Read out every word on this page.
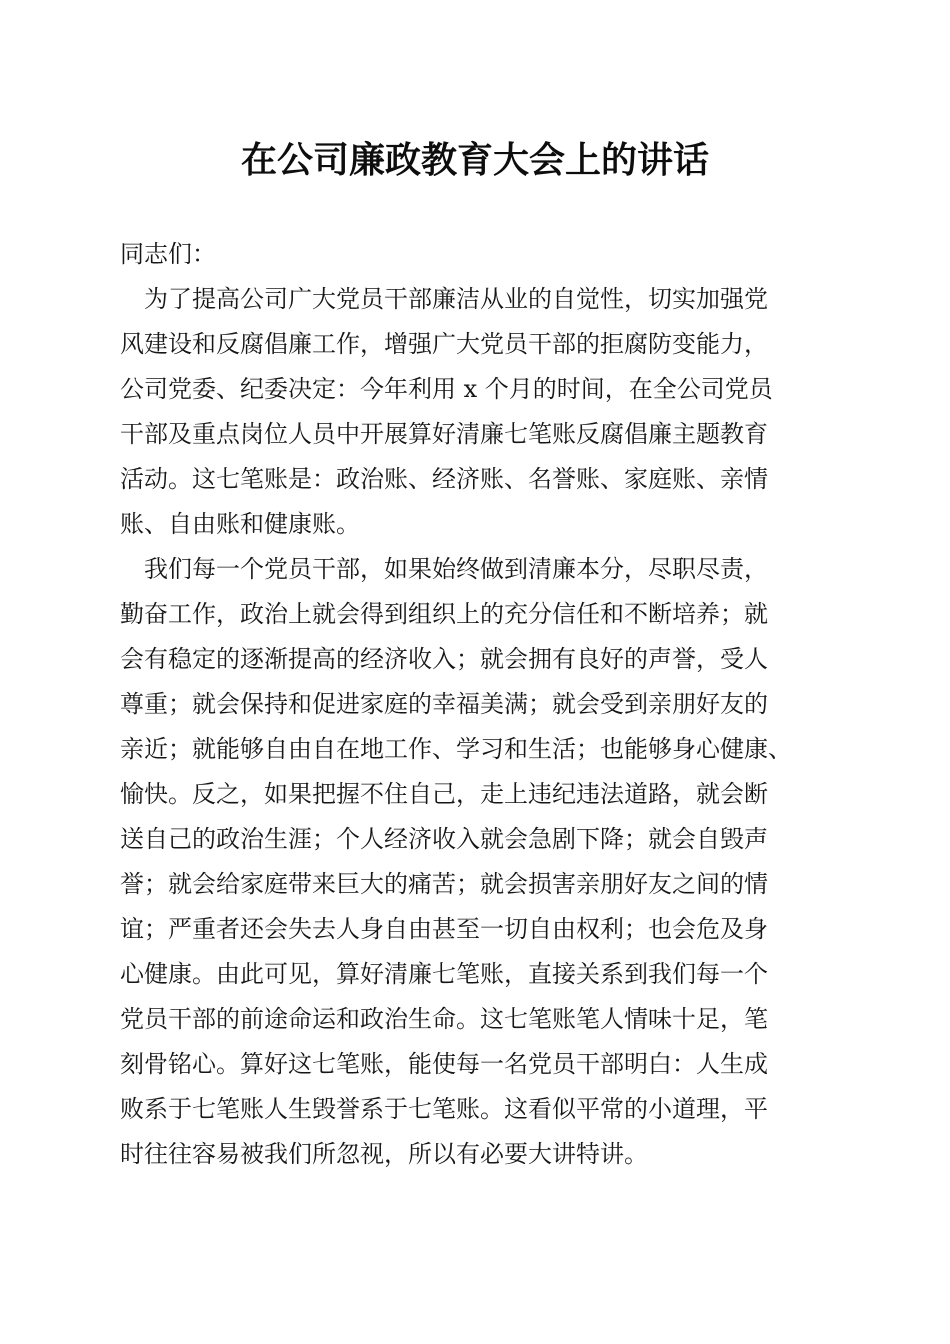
在公司廉政教育大会上的讲话
同志们：
　为了提高公司广大党员干部廉洁从业的自觉性，切实加强党
风建设和反腐倡廉工作，增强广大党员干部的拒腐防变能力，
公司党委、纪委决定：今年利用 x 个月的时间，在全公司党员
干部及重点岗位人员中开展算好清廉七笔账反腐倡廉主题教育
活动。这七笔账是：政治账、经济账、名誉账、家庭账、亲情
账、自由账和健康账。
　我们每一个党员干部，如果始终做到清廉本分，尽职尽责，
勤奋工作，政治上就会得到组织上的充分信任和不断培养；就
会有稳定的逐渐提高的经济收入；就会拥有良好的声誉，受人
尊重；就会保持和促进家庭的幸福美满；就会受到亲朋好友的
亲近；就能够自由自在地工作、学习和生活；也能够身心健康、
愉快。反之，如果把握不住自己，走上违纪违法道路，就会断
送自己的政治生涯；个人经济收入就会急剧下降；就会自毁声
誉；就会给家庭带来巨大的痛苦；就会损害亲朋好友之间的情
谊；严重者还会失去人身自由甚至一切自由权利；也会危及身
心健康。由此可见，算好清廉七笔账，直接关系到我们每一个
党员干部的前途命运和政治生命。这七笔账笔人情味十足，笔
刻骨铭心。算好这七笔账，能使每一名党员干部明白：人生成
败系于七笔账人生毁誉系于七笔账。这看似平常的小道理，平
时往往容易被我们所忽视，所以有必要大讲特讲。
